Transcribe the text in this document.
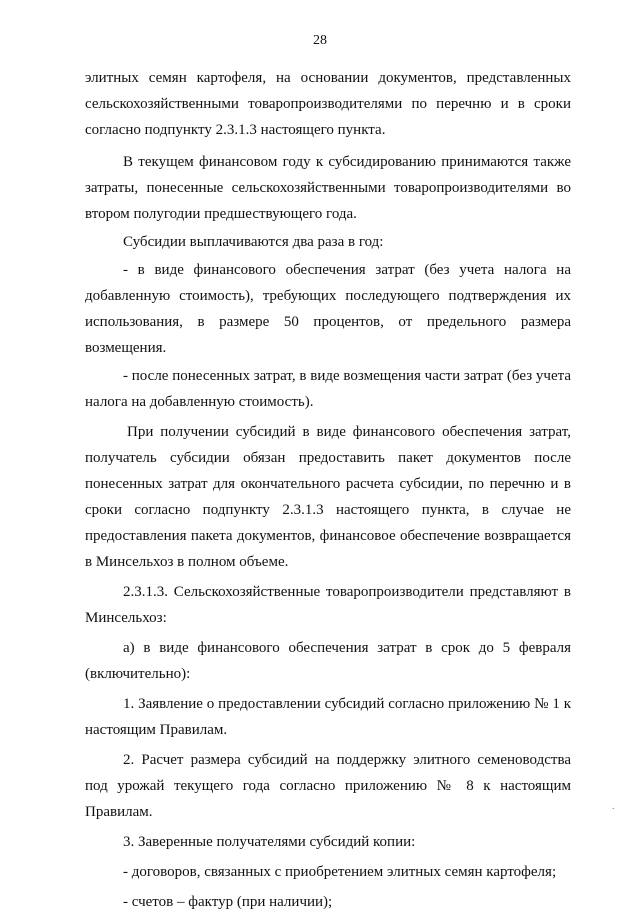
28

элитных семян картофеля, на основании документов, представленных сельскохозяйственными товаропроизводителями по перечню и в сроки согласно подпункту 2.3.1.3 настоящего пункта.

В текущем финансовом году к субсидированию принимаются также затраты, понесенные сельскохозяйственными товаропроизводителями во втором полугодии предшествующего года.

Субсидии выплачиваются два раза в год:

- в виде финансового обеспечения затрат (без учета налога на добавленную стоимость), требующих последующего подтверждения их использования, в размере 50 процентов, от предельного размера возмещения.

- после понесенных затрат, в виде возмещения части затрат (без учета налога на добавленную стоимость).

При получении субсидий в виде финансового обеспечения затрат, получатель субсидии обязан предоставить пакет документов после понесенных затрат для окончательного расчета субсидии, по перечню и в сроки согласно подпункту 2.3.1.3 настоящего пункта, в случае не предоставления пакета документов, финансовое обеспечение возвращается в Минсельхоз в полном объеме.

2.3.1.3. Сельскохозяйственные товаропроизводители представляют в Минсельхоз:

а) в виде финансового обеспечения затрат в срок до 5 февраля (включительно):

1. Заявление о предоставлении субсидий согласно приложению № 1 к настоящим Правилам.

2. Расчет размера субсидий на поддержку элитного семеноводства под урожай текущего года согласно приложению № 8 к настоящим Правилам.

3. Заверенные получателями субсидий копии:

- договоров, связанных с приобретением элитных семян картофеля;

- счетов – фактур (при наличии);

.
